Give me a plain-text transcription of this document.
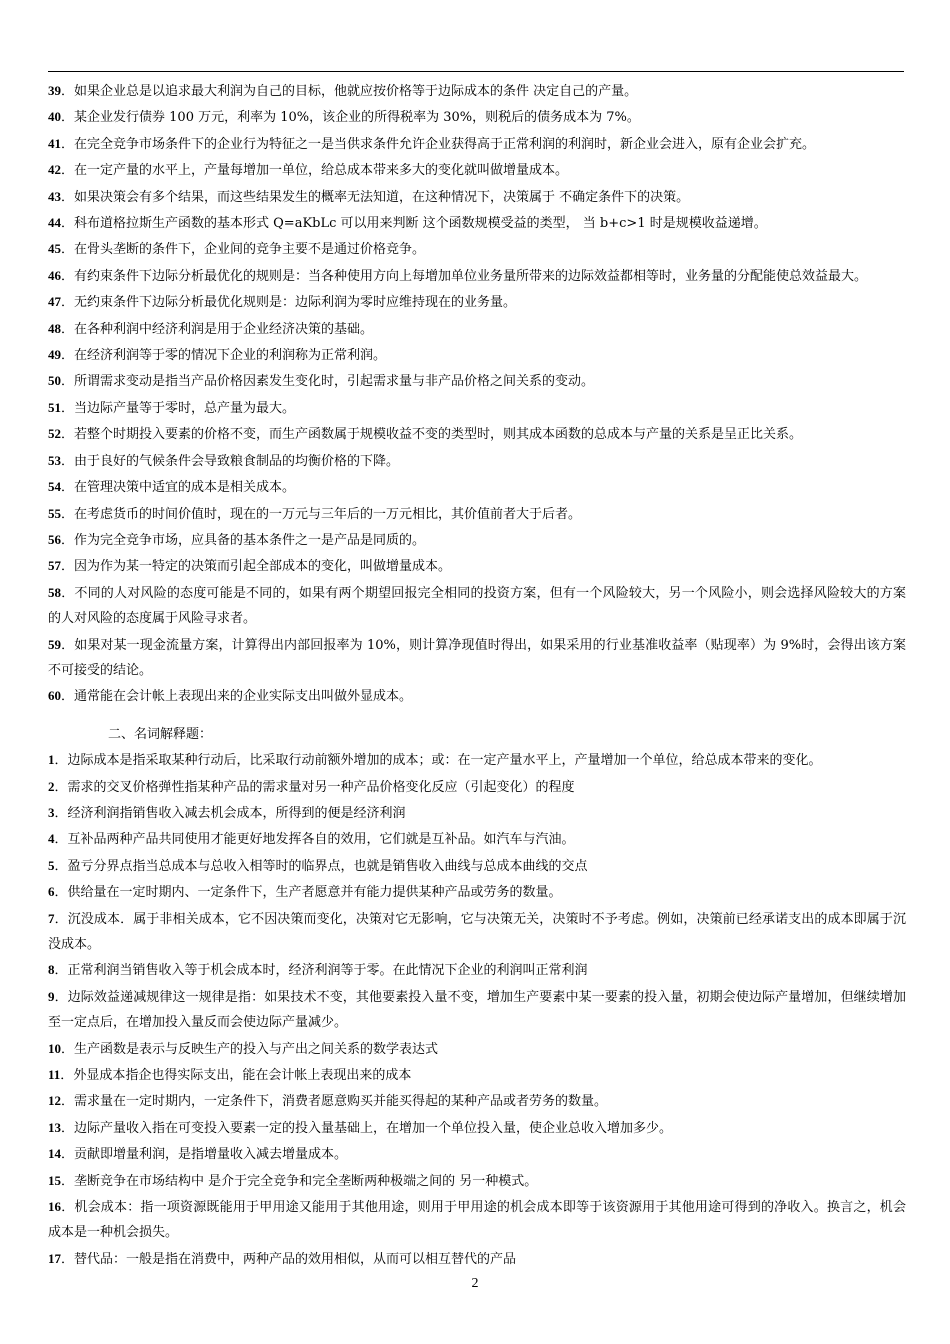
39．如果企业总是以追求最大利润为自己的目标，他就应按价格等于边际成本的条件 决定自己的产量。
40．某企业发行债券 100 万元，利率为 10%，该企业的所得税率为 30%，则税后的债务成本为 7%。
41．在完全竞争市场条件下的企业行为特征之一是当供求条件允许企业获得高于正常利润的利润时，新企业会进入，原有企业会扩充。
42．在一定产量的水平上，产量每增加一单位，给总成本带来多大的变化就叫做增量成本。
43．如果决策会有多个结果，而这些结果发生的概率无法知道，在这种情况下，决策属于 不确定条件下的决策。
44．科布道格拉斯生产函数的基本形式 Q=aKbLc 可以用来判断 这个函数规模受益的类型， 当 b+c>1 时是规模收益递增。
45．在骨头垄断的条件下，企业间的竞争主要不是通过价格竞争。
46．有约束条件下边际分析最优化的规则是：当各种使用方向上每增加单位业务量所带来的边际效益都相等时，业务量的分配能使总效益最大。
47．无约束条件下边际分析最优化规则是：边际利润为零时应维持现在的业务量。
48．在各种利润中经济利润是用于企业经济决策的基础。
49．在经济利润等于零的情况下企业的利润称为正常利润。
50．所谓需求变动是指当产品价格因素发生变化时，引起需求量与非产品价格之间关系的变动。
51．当边际产量等于零时，总产量为最大。
52．若整个时期投入要素的价格不变，而生产函数属于规模收益不变的类型时，则其成本函数的总成本与产量的关系是呈正比关系。
53．由于良好的气候条件会导致粮食制品的均衡价格的下降。
54．在管理决策中适宜的成本是相关成本。
55．在考虑货币的时间价值时，现在的一万元与三年后的一万元相比，其价值前者大于后者。
56．作为完全竞争市场，应具备的基本条件之一是产品是同质的。
57．因为作为某一特定的决策而引起全部成本的变化，叫做增量成本。
58．不同的人对风险的态度可能是不同的，如果有两个期望回报完全相同的投资方案，但有一个风险较大，另一个风险小，则会选择风险较大的方案的人对风险的态度属于风险寻求者。
59．如果对某一现金流量方案，计算得出内部回报率为 10%，则计算净现值时得出，如果采用的行业基准收益率（贴现率）为 9%时，会得出该方案不可接受的结论。
60．通常能在会计帐上表现出来的企业实际支出叫做外显成本。
二、名词解释题：
1．边际成本是指采取某种行动后，比采取行动前额外增加的成本；或：在一定产量水平上，产量增加一个单位，给总成本带来的变化。
2．需求的交叉价格弹性指某种产品的需求量对另一种产品价格变化反应（引起变化）的程度
3．经济利润指销售收入减去机会成本，所得到的便是经济利润
4．互补品两种产品共同使用才能更好地发挥各自的效用，它们就是互补品。如汽车与汽油。
5．盈亏分界点指当总成本与总收入相等时的临界点，也就是销售收入曲线与总成本曲线的交点
6．供给量在一定时期内、一定条件下，生产者愿意并有能力提供某种产品或劳务的数量。
7．沉没成本．属于非相关成本，它不因决策而变化，决策对它无影响，它与决策无关，决策时不予考虑。例如，决策前已经承诺支出的成本即属于沉没成本。
8．正常利润当销售收入等于机会成本时，经济利润等于零。在此情况下企业的利润叫正常利润
9．边际效益递减规律这一规律是指：如果技术不变，其他要素投入量不变，增加生产要素中某一要素的投入量，初期会使边际产量增加，但继续增加至一定点后，在增加投入量反而会使边际产量减少。
10．生产函数是表示与反映生产的投入与产出之间关系的数学表达式
11．外显成本指企也得实际支出，能在会计帐上表现出来的成本
12．需求量在一定时期内，一定条件下，消费者愿意购买并能买得起的某种产品或者劳务的数量。
13．边际产量收入指在可变投入要素一定的投入量基础上，在增加一个单位投入量，使企业总收入增加多少。
14．贡献即增量利润，是指增量收入减去增量成本。
15．垄断竞争在市场结构中 是介于完全竞争和完全垄断两种极端之间的 另一种模式。
16．机会成本：指一项资源既能用于甲用途又能用于其他用途，则用于甲用途的机会成本即等于该资源用于其他用途可得到的净收入。换言之，机会成本是一种机会损失。
17．替代品：一般是指在消费中，两种产品的效用相似，从而可以相互替代的产品
2
